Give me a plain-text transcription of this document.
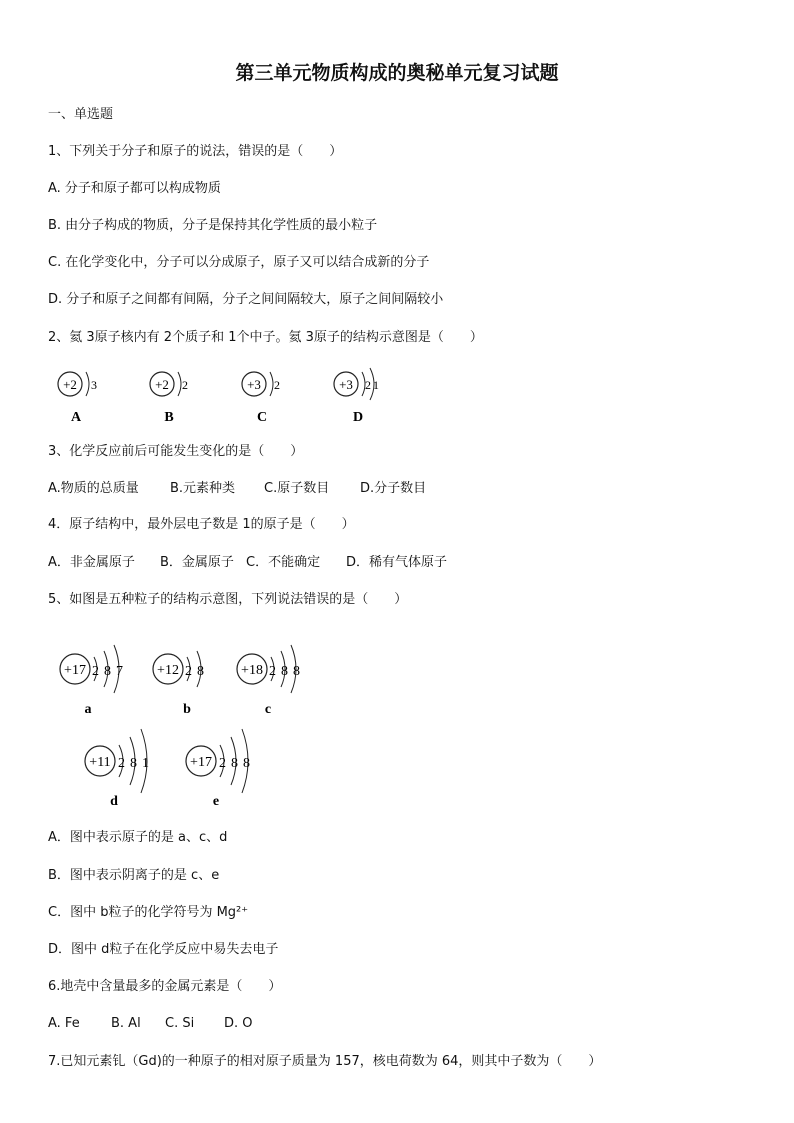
第三单元物质构成的奥秘单元复习试题
一、单选题
1、下列关于分子和原子的说法，错误的是（　　）
A. 分子和原子都可以构成物质
B. 由分子构成的物质，分子是保持其化学性质的最小粒子
C. 在化学变化中，分子可以分成原子，原子又可以结合成新的分子
D. 分子和原子之间都有间隔，分子之间间隔较大，原子之间间隔较小
2、氦 3原子核内有 2个质子和 1个中子。氦 3原子的结构示意图是（　　）
+2 3
A
+2 2
B
+3 2
C
+3 2 1
D
3、化学反应前后可能发生变化的是（　　）
A.物质的总质量 B.元素种类 C.原子数目 D.分子数目
4．原子结构中，最外层电子数是 1的原子是（　　）
A．非金属原子 B．金属原子 C．不能确定 D．稀有气体原子
5、如图是五种粒子的结构示意图，下列说法错误的是（　　）
+17 2 8 7
a
+12 2 8
b
+18 2 8 8
c
+11 2 8 1
d
+17 2 8 8
e
A．图中表示原子的是 a、c、d
B．图中表示阴离子的是 c、e
C．图中 b粒子的化学符号为 Mg²⁺
D．图中 d粒子在化学反应中易失去电子
6.地壳中含量最多的金属元素是（　　）
A. Fe B. Al C. Si D. O
7.已知元素钆（Gd)的一种原子的相对原子质量为 157，核电荷数为 64，则其中子数为（　　）
